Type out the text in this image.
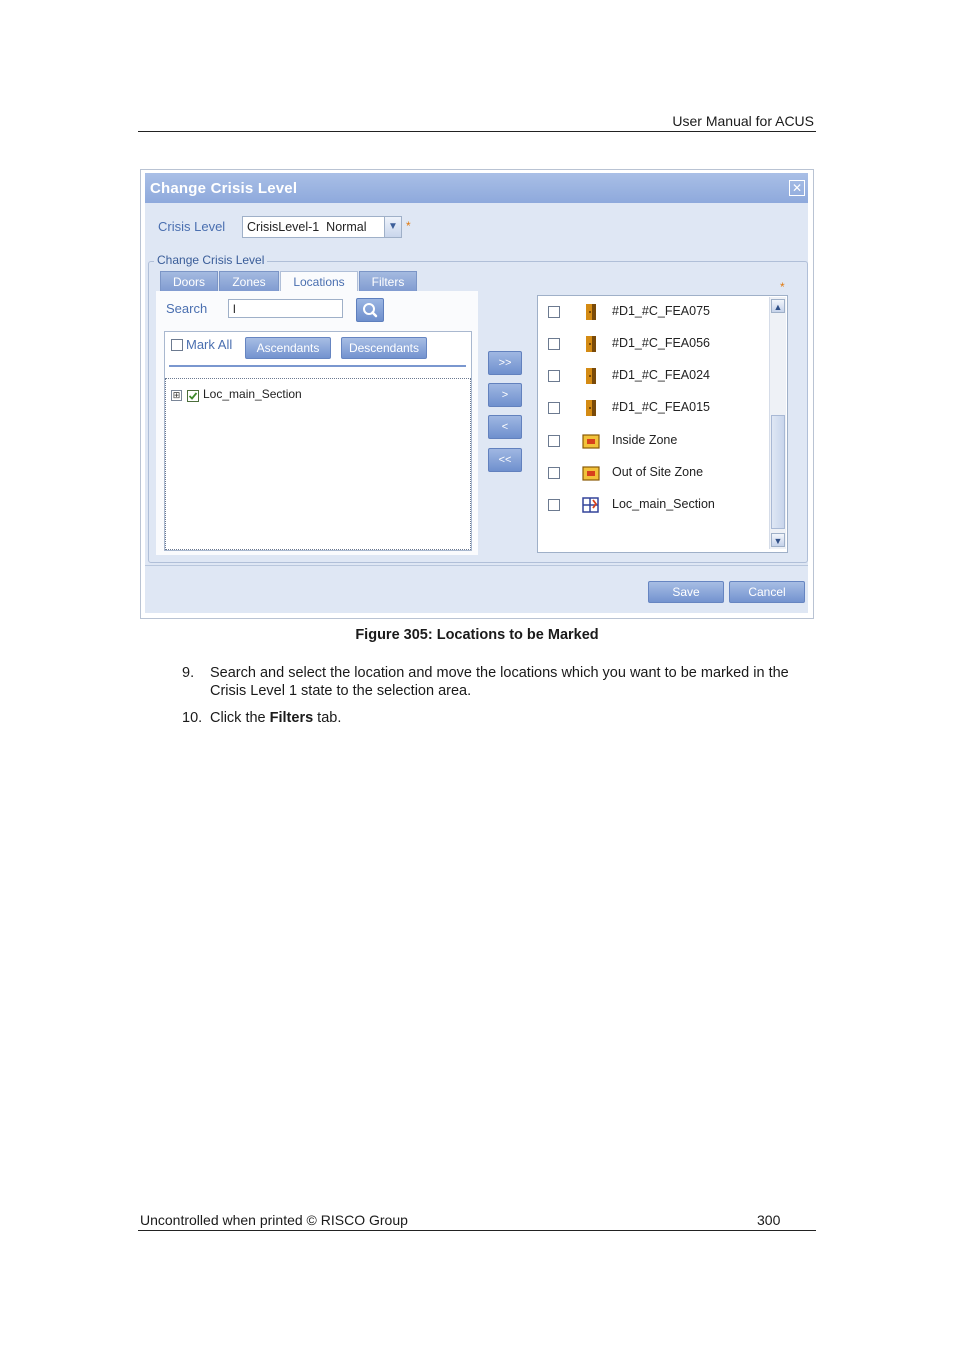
User Manual for ACUS
Change Crisis Level	✕
Crisis Level CrisisLevel-1  Normal	▼ *
Change Crisis Level
*
Doors	Zones	Locations	Filters
Search	l
Mark All	Ascendants	Descendants
⊞ Loc_main_Section
>>
>
<
<<
#D1_#C_FEA075
#D1_#C_FEA056
#D1_#C_FEA024
#D1_#C_FEA015
Inside Zone
Out of Site Zone
Loc_main_Section
▲
▼
Save	Cancel
Figure 305: Locations to be Marked
9. Search and select the location and move the locations which you want to be marked in the Crisis Level 1 state to the selection area.
10. Click the Filters tab.
Uncontrolled when printed © RISCO Group	300
